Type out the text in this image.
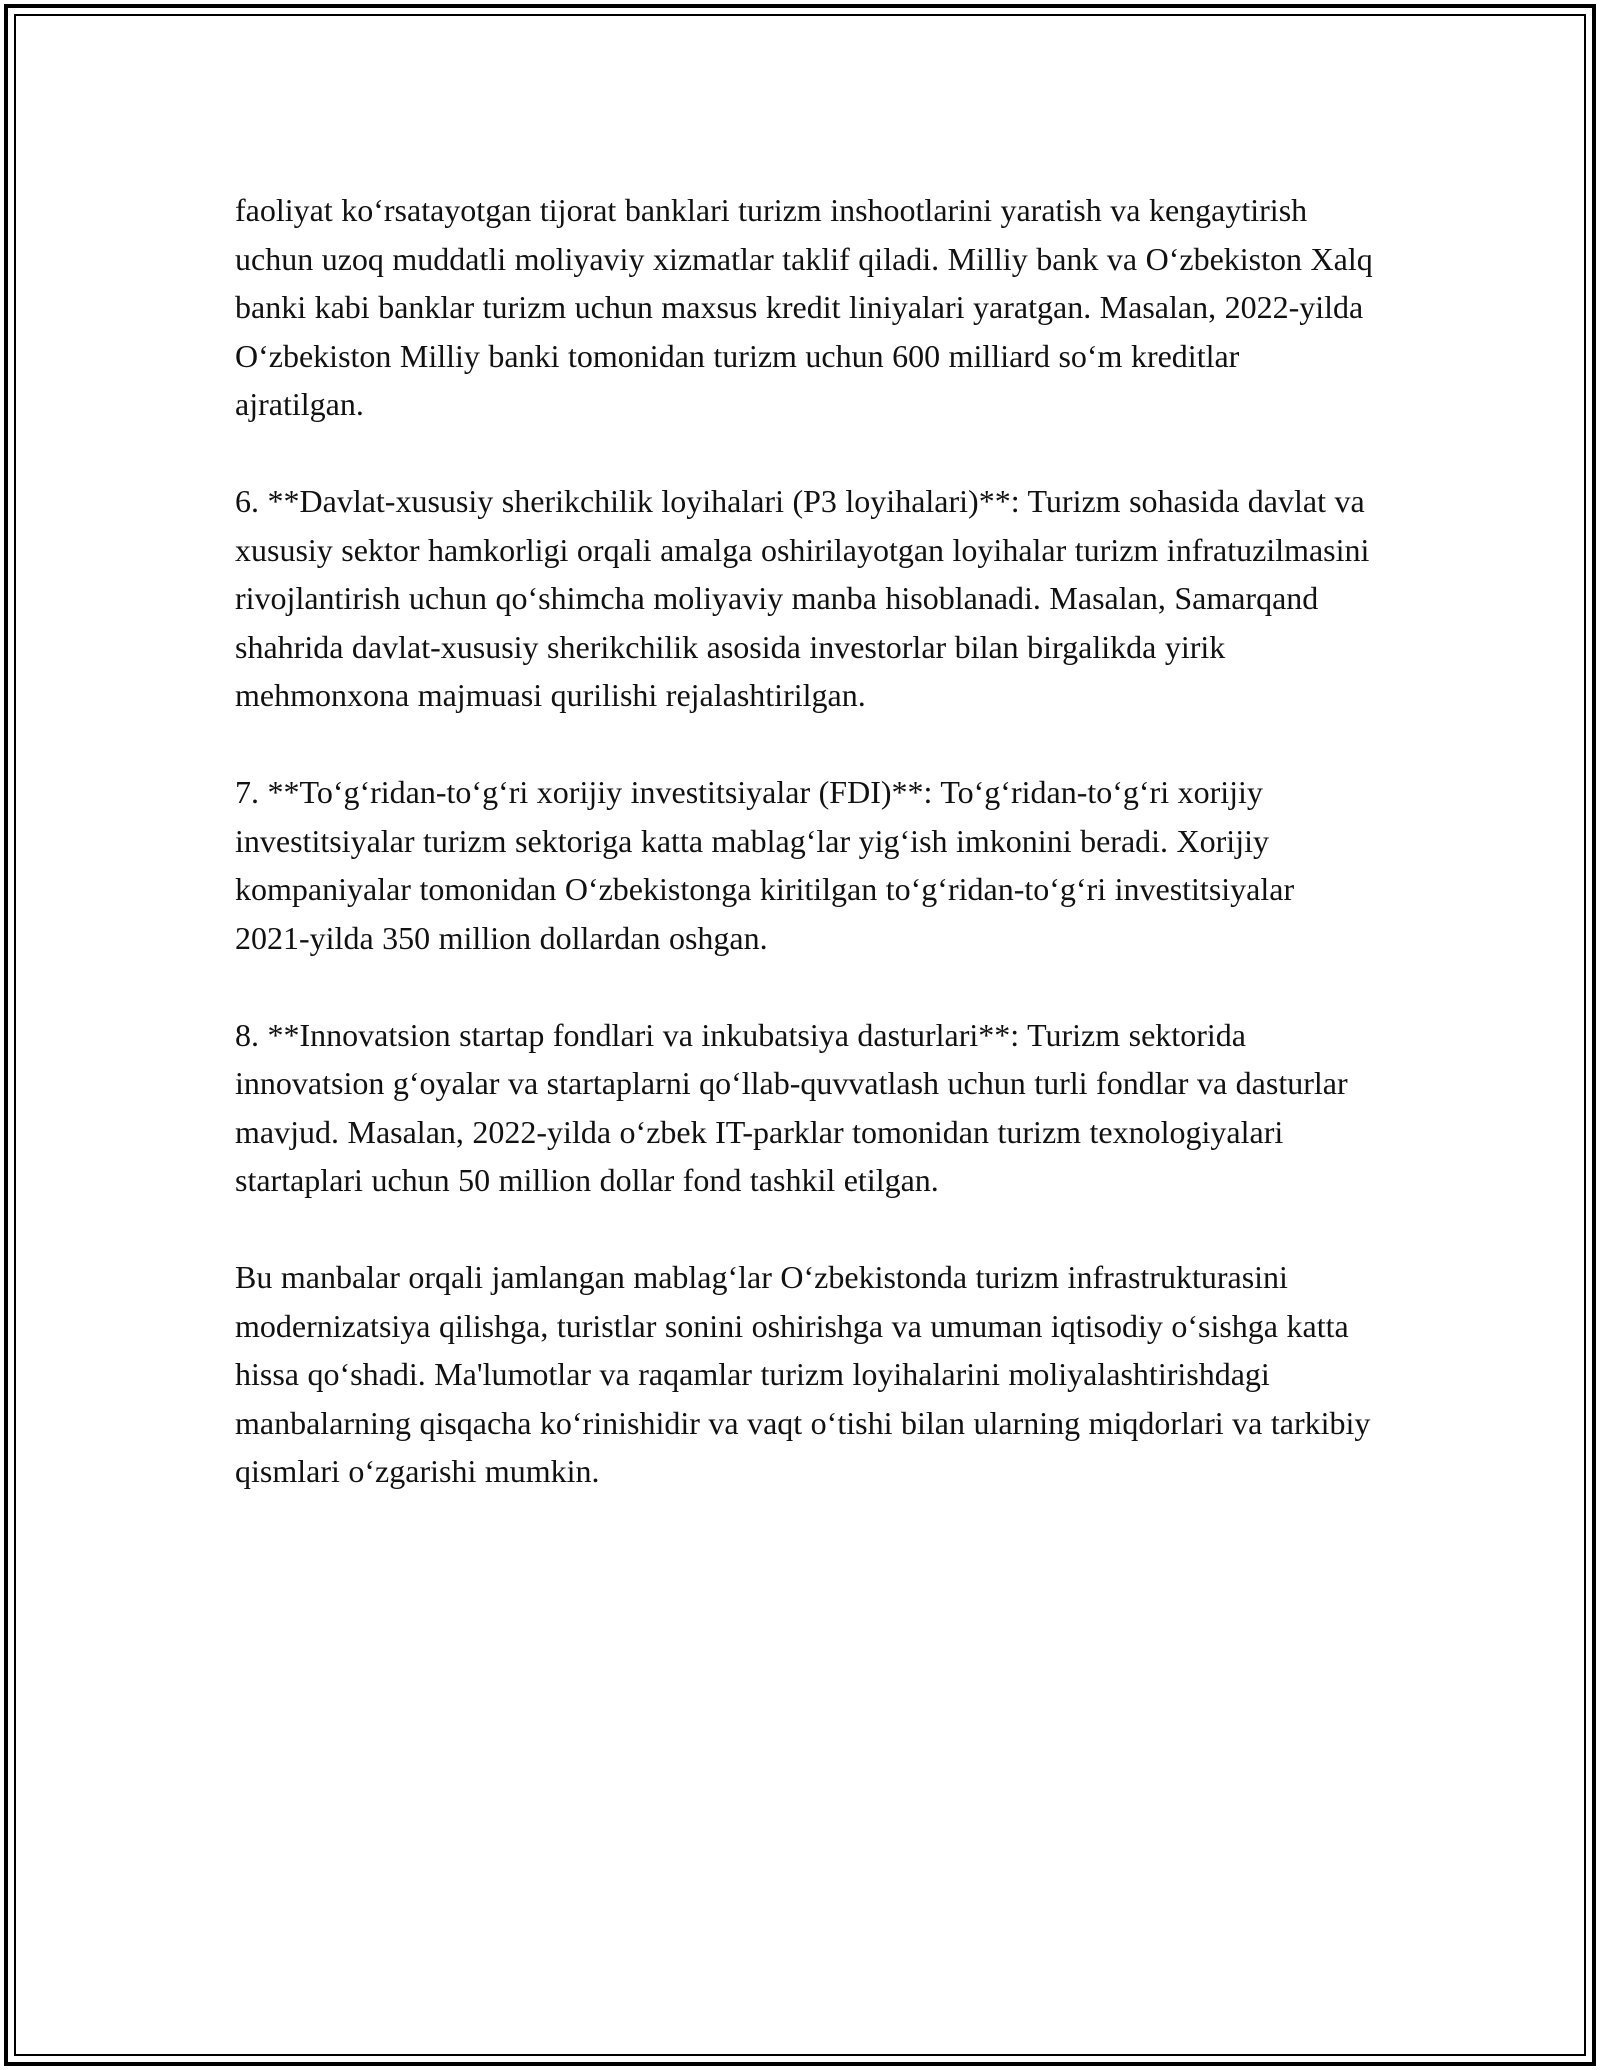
faoliyat koʻrsatayotgan tijorat banklari turizm inshootlarini yaratish va kengaytirish uchun uzoq muddatli moliyaviy xizmatlar taklif qiladi. Milliy bank va Oʻzbekiston Xalq banki kabi banklar turizm uchun maxsus kredit liniyalari yaratgan. Masalan, 2022-yilda Oʻzbekiston Milliy banki tomonidan turizm uchun 600 milliard soʻm kreditlar ajratilgan.

6. **Davlat-xususiy sherikchilik loyihalari (P3 loyihalari)**: Turizm sohasida davlat va xususiy sektor hamkorligi orqali amalga oshirilayotgan loyihalar turizm infratuzilmasini rivojlantirish uchun qoʻshimcha moliyaviy manba hisoblanadi. Masalan, Samarqand shahrida davlat-xususiy sherikchilik asosida investorlar bilan birgalikda yirik mehmonxona majmuasi qurilishi rejalashtirilgan.

7. **Toʻgʻridan-toʻgʻri xorijiy investitsiyalar (FDI)**: Toʻgʻridan-toʻgʻri xorijiy investitsiyalar turizm sektoriga katta mablagʻlar yigʻish imkonini beradi. Xorijiy kompaniyalar tomonidan Oʻzbekistonga kiritilgan toʻgʻridan-toʻgʻri investitsiyalar 2021-yilda 350 million dollardan oshgan.

8. **Innovatsion startap fondlari va inkubatsiya dasturlari**: Turizm sektorida innovatsion gʻoyalar va startaplarni qoʻllab-quvvatlash uchun turli fondlar va dasturlar mavjud. Masalan, 2022-yilda oʻzbek IT-parklar tomonidan turizm texnologiyalari startaplari uchun 50 million dollar fond tashkil etilgan.

Bu manbalar orqali jamlangan mablagʻlar Oʻzbekistonda turizm infrastrukturasini modernizatsiya qilishga, turistlar sonini oshirishga va umuman iqtisodiy oʻsishga katta hissa qoʻshadi. Ma'lumotlar va raqamlar turizm loyihalarini moliyalashtirishdagi manbalarning qisqacha koʻrinishidir va vaqt oʻtishi bilan ularning miqdorlari va tarkibiy qismlari oʻzgarishi mumkin.
